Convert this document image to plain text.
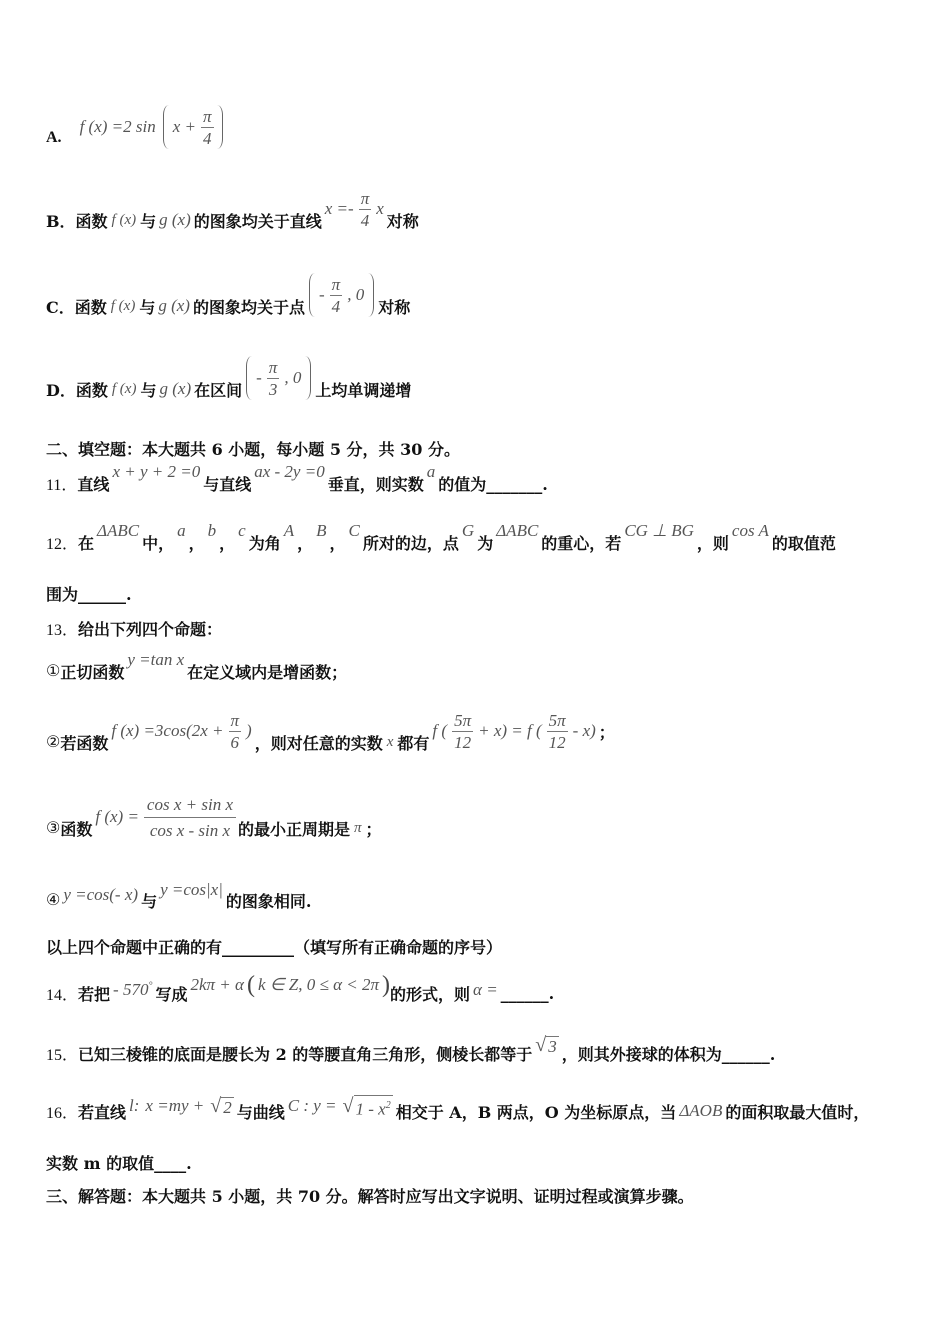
A.
f (x) =2 $\sin x + \frac{\pi}{4}$
B．函数 f (x) 与 g (x) 的图象均关于直线
$x =- \frac{\pi}{4}$ x
对称
C．函数 f (x) 与 g (x) 的图象均关于点
- $\frac{\pi}{4}$ , 0
对称
D．函数 f (x) 与 g (x) 在区间
- $\frac{\pi}{3}$ , 0
上均单调递增
二、填空题：本大题共 6 小题，每小题 5 分，共 30 分。
11． 直线
x + y + 2 =0
与直线
ax - 2y =0
垂直，则实数
a
的值为_______.
12． 在
ΔABC
中，
a
，
b
，
c
为角
A
，
B
，
C
所对的边，点
G
为
ΔABC
的重心，若
CG ⊥ BG
，则
cos A
的取值范
围为______.
13． 给出下列四个命题：
① 正切函数
y =tan x
在定义域内是增函数；
② 若函数
f $(x) =3\cos(2x + \frac{\pi}{6}$ )
，则对任意的实数 x 都有
f ( $\frac{5\pi}{12} + x) = f$ ( $\frac{5\pi}{12} - x$) ；
③ 函数
f $(x) = \frac{\text{cos x + sin x}}{\text{cos x - sin x}}$ 的最小正周期是 π ；
④ y =cos(- x) 与
y =cos|x|
的图象相同.
以上四个命题中正确的有_________（填写所有正确命题的序号）
14． 若把 - 570° 写成 2kπ + α ( k ∈ Z, 0 ≤ α < 2π ) 的形式，则 α = ______.
15． 已知三棱锥的底面是腰长为 2 的等腰直角三角形，侧棱长都等于 √ 3 ，则其外接球的体积为______.
16． 若直线 l: x =my + √ 2 与曲线 C : y = √ $1 - x^2$ 相交于 A，B 两点，O 为坐标原点，当 ΔAOB 的面积取最大值时，
实数 m 的取值____.
三、解答题：本大题共 5 小题，共 70 分。解答时应写出文字说明、证明过程或演算步骤。
